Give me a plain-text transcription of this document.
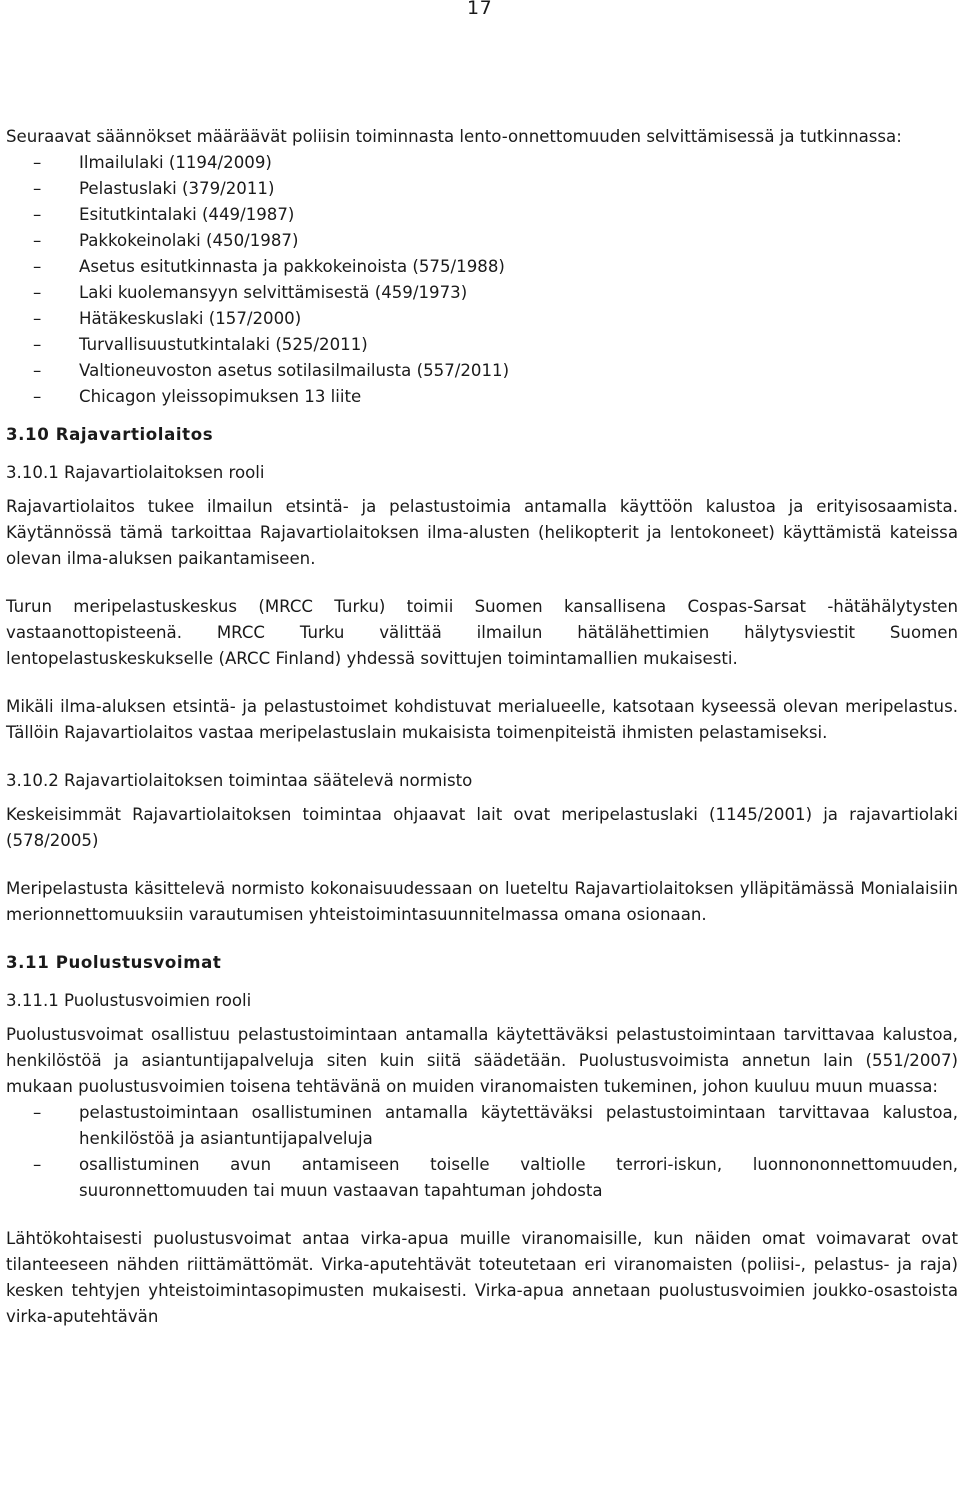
17

Seuraavat säännökset määräävät poliisin toiminnasta lento-onnettomuuden selvittämisessä ja tutkinnassa:

– Ilmailulaki (1194/2009)
– Pelastuslaki (379/2011)
– Esitutkintalaki (449/1987)
– Pakkokeinolaki (450/1987)
– Asetus esitutkinnasta ja pakkokeinoista (575/1988)
– Laki kuolemansyyn selvittämisestä (459/1973)
– Hätäkeskuslaki (157/2000)
– Turvallisuustutkintalaki (525/2011)
– Valtioneuvoston asetus sotilasilmailusta (557/2011)
– Chicagon yleissopimuksen 13 liite
3.10 Rajavartiolaitos
3.10.1 Rajavartiolaitoksen rooli

Rajavartiolaitos tukee ilmailun etsintä- ja pelastustoimia antamalla käyttöön kalustoa ja erityisosaamista. Käytännössä tämä tarkoittaa Rajavartiolaitoksen ilma-alusten (helikopterit ja lentokoneet) käyttämistä kateissa olevan ilma-aluksen paikantamiseen.

Turun meripelastuskeskus (MRCC Turku) toimii Suomen kansallisena Cospas-Sarsat -hätähälytysten vastaanottopisteenä. MRCC Turku välittää ilmailun hätälähettimien hälytysviestit Suomen lentopelastuskeskukselle (ARCC Finland) yhdessä sovittujen toimintamallien mukaisesti.

Mikäli ilma-aluksen etsintä- ja pelastustoimet kohdistuvat merialueelle, katsotaan kyseessä olevan meripelastus. Tällöin Rajavartiolaitos vastaa meripelastuslain mukaisista toimenpiteistä ihmisten pelastamiseksi.

3.10.2 Rajavartiolaitoksen toimintaa säätelevä normisto

Keskeisimmät Rajavartiolaitoksen toimintaa ohjaavat lait ovat meripelastuslaki (1145/2001) ja rajavartiolaki (578/2005)

Meripelastusta käsittelevä normisto kokonaisuudessaan on lueteltu Rajavartiolaitoksen ylläpitämässä Monialaisiin merionnettomuuksiin varautumisen yhteistoimintasuunnitelmassa omana osionaan.

3.11 Puolustusvoimat
3.11.1 Puolustusvoimien rooli

Puolustusvoimat osallistuu pelastustoimintaan antamalla käytettäväksi pelastustoimintaan tarvittavaa kalustoa, henkilöstöä ja asiantuntijapalveluja siten kuin siitä säädetään. Puolustusvoimista annetun lain (551/2007) mukaan puolustusvoimien toisena tehtävänä on muiden viranomaisten tukeminen, johon kuuluu muun muassa:

– pelastustoimintaan osallistuminen antamalla käytettäväksi pelastustoimintaan tarvittavaa kalustoa, henkilöstöä ja asiantuntijapalveluja
– osallistuminen avun antamiseen toiselle valtiolle terrori-iskun, luonnononnettomuuden, suuronnettomuuden tai muun vastaavan tapahtuman johdosta

Lähtökohtaisesti puolustusvoimat antaa virka-apua muille viranomaisille, kun näiden omat voimavarat ovat tilanteeseen nähden riittämättömät. Virka-aputehtävät toteutetaan eri viranomaisten (poliisi-, pelastus- ja raja) kesken tehtyjen yhteistoimintasopimusten mukaisesti. Virka-apua annetaan puolustusvoimien joukko-osastoista virka-aputehtävän
